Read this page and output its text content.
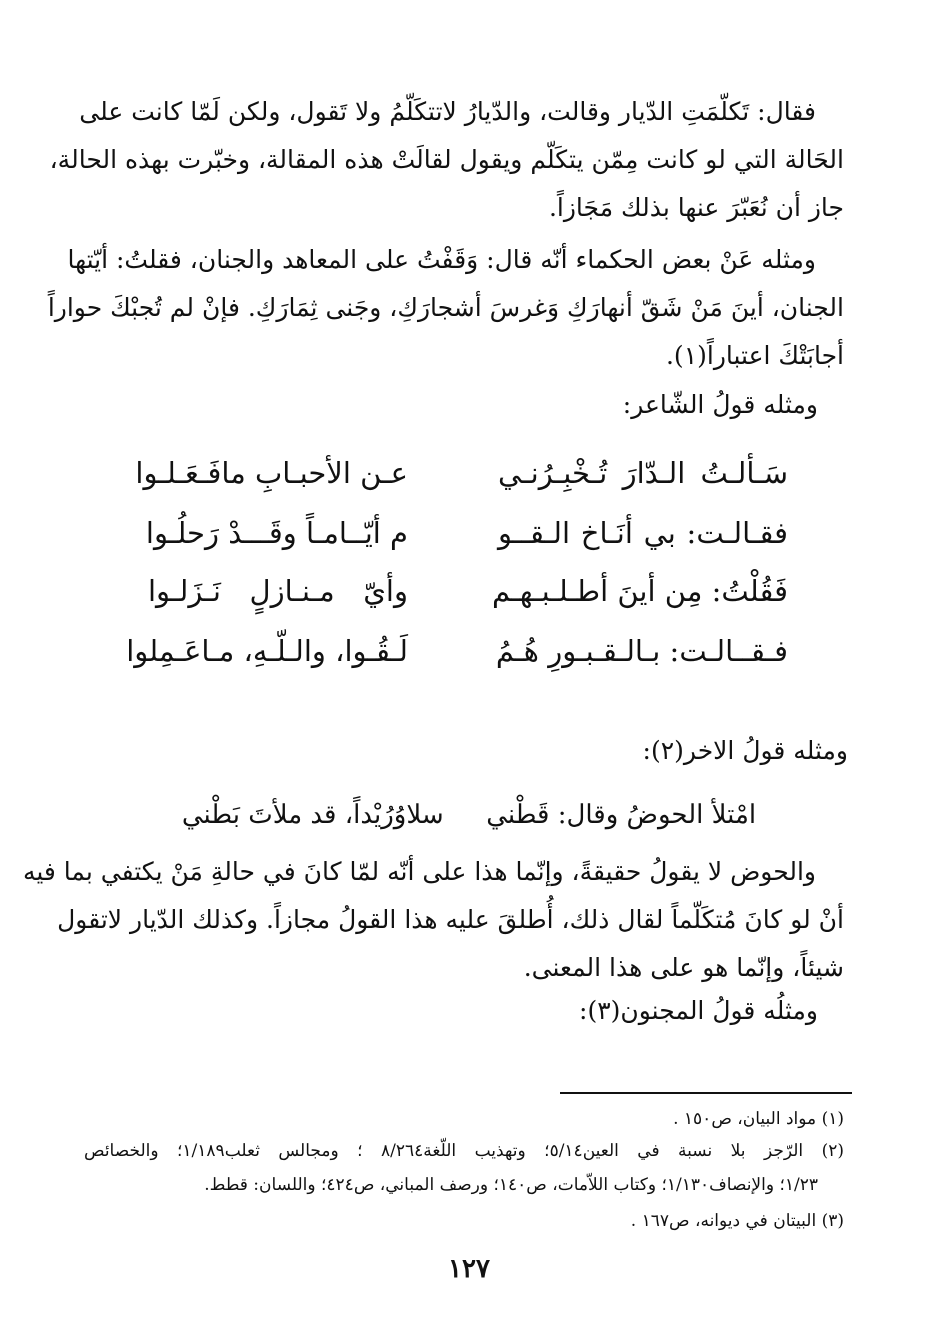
فقال: تَكلّمَتِ الدّيار وقالت، والدّيارُ لاتتكَلّمُ ولا تَقول، ولكن لَمّا كانت على
الحَالة التي لو كانت مِمّن يتكَلّم ويقول لقالَتْ هذه المقالة، وخبّرت بهذه الحالة،
جاز أن نُعَبّرَ عنها بذلك مَجَازاً.

ومثله عَنْ بعض الحكماء أنّه قال: وَقَفْتُ على المعاهد والجنان، فقلتُ: أيّتها
الجنان، أينَ مَنْ شَقّ أنهارَكِ وَغرسَ أشجارَكِ، وجَنى ثِمَارَكِ. فإنْ لم تُجبْكَ حواراً
أجابَتْكَ اعتباراً(١).

ومثله قولُ الشّاعر:
سَـألـتُ الـدّارَ تُـخْبِـرُنـي
عـن الأحبـابِ مافَـعَـلـوا
فقـالـت: بي أنَـاخ الـقــو
م أيّــامـاً وقَـــدْ رَحلُـوا
فَقُلْتُ: مِن أينَ أطـلـبـهـم
وأيّ مـنـازلٍ نَـزَلـوا
فـقــالـت: بـالـقـبـورِ هُـمُ
لَـقُـوا، والـلّـهِ، مـاعَـمِلوا
ومثله قولُ الاخر(٢):
امْتلأ الحوضُ وقال: قَطْني  سلاوُرُيْداً، قد ملأتَ بَطْني

والحوض لا يقولُ حقيقةً، وإنّما هذا على أنّه لمّا كانَ في حالةِ مَنْ يكتفي بما فيه
أنْ لو كانَ مُتكَلّماً لقال ذلك، أُطلقَ عليه هذا القولُ مجازاً. وكذلك الدّيار لاتقول
شيئاً، وإنّما هو على هذا المعنى.

ومثلُه قولُ المجنون(٣):
(١) مواد البيان، ص١٥٠ .
(٢) الرّجز بلا نسبة في العين٥/١٤؛ وتهذيب اللّغة٨/٢٦٤ ؛ ومجالس ثعلب١/١٨٩؛ والخصائص
١/٢٣؛ والإنصاف١/١٣٠؛ وكتاب اللاّمات، ص١٤٠؛ ورصف المباني، ص٤٢٤؛ واللسان: قطط.
(٣) البيتان في ديوانه، ص١٦٧ .
١٢٧
